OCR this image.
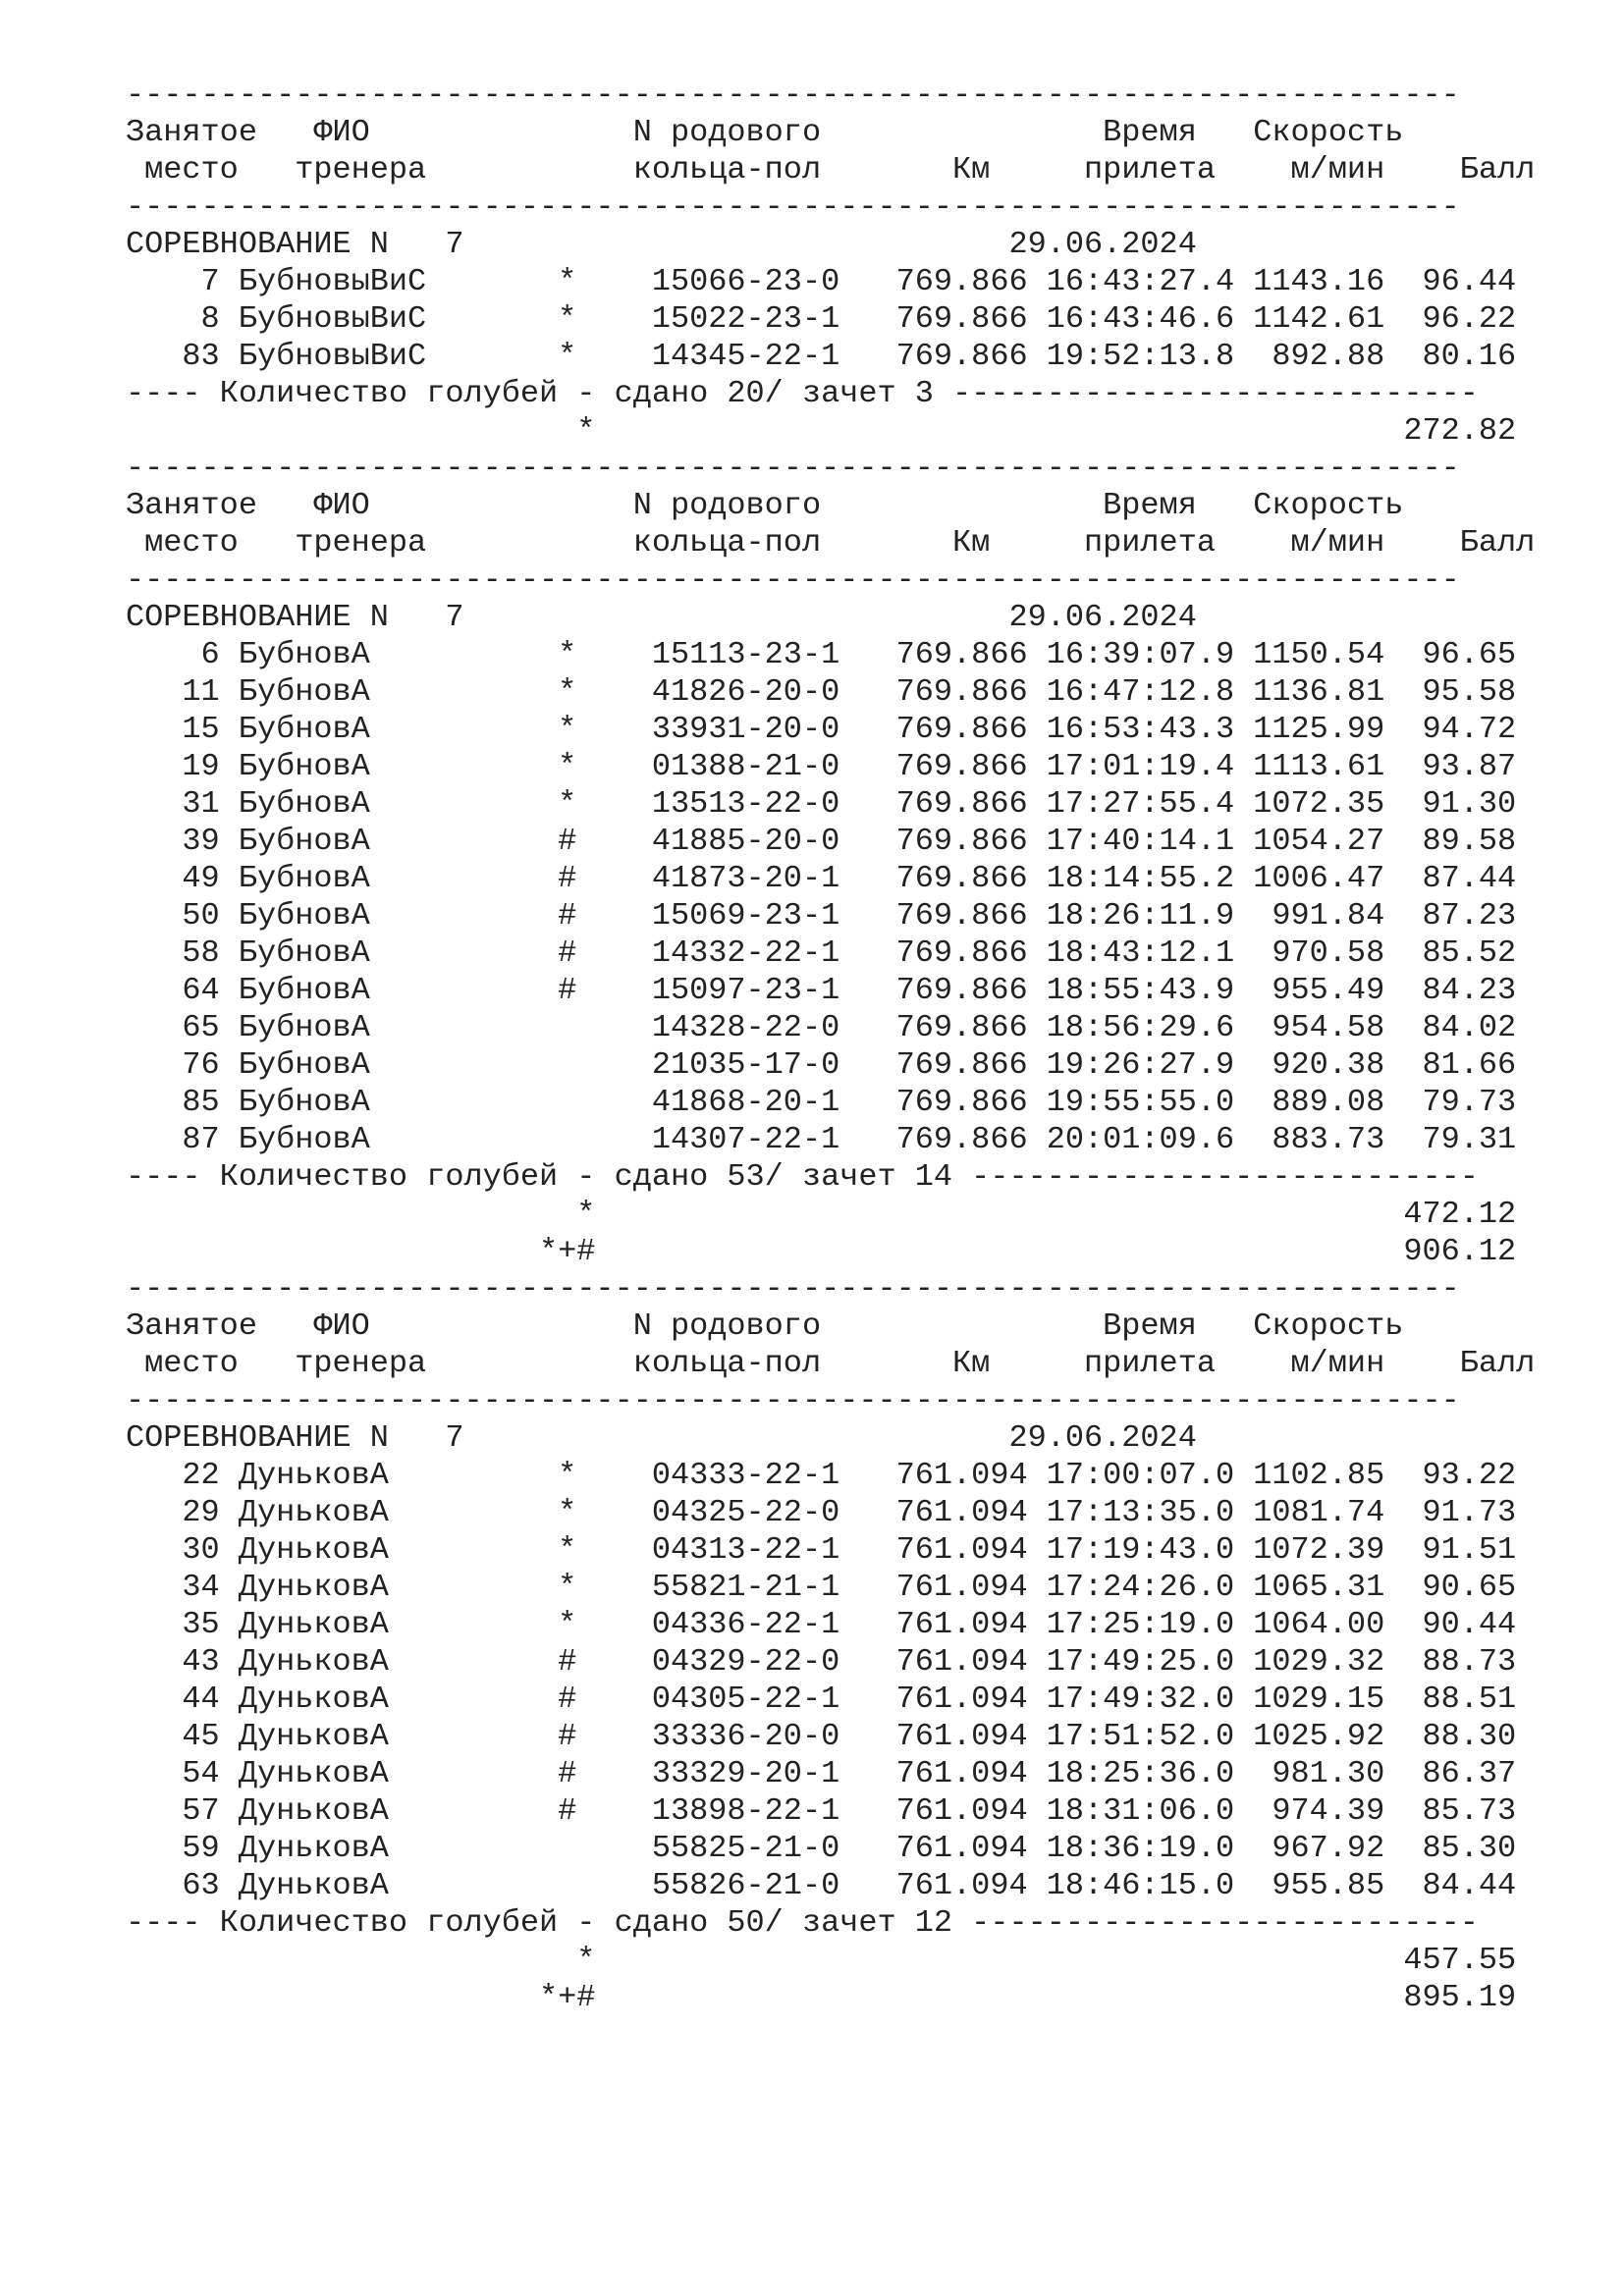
-----------------------------------------------------------------------
Занятое   ФИО              N родового               Время   Скорость
место   тренера           кольца-пол       Км     прилета    м/мин    Балл
-----------------------------------------------------------------------
СОРЕВНОВАНИЕ N   7                             29.06.2024
7 БубновыВиС       *    15066-23-0   769.866 16:43:27.4 1143.16  96.44
8 БубновыВиС       *    15022-23-1   769.866 16:43:46.6 1142.61  96.22
83 БубновыВиС       *    14345-22-1   769.866 19:52:13.8  892.88  80.16
---- Количество голубей - сдано 20/ зачет 3 ----------------------------
*                                           272.82
-----------------------------------------------------------------------
Занятое   ФИО              N родового               Время   Скорость
место   тренера           кольца-пол       Км     прилета    м/мин    Балл
-----------------------------------------------------------------------
СОРЕВНОВАНИЕ N   7                             29.06.2024
6 БубновА          *    15113-23-1   769.866 16:39:07.9 1150.54  96.65
11 БубновА          *    41826-20-0   769.866 16:47:12.8 1136.81  95.58
15 БубновА          *    33931-20-0   769.866 16:53:43.3 1125.99  94.72
19 БубновА          *    01388-21-0   769.866 17:01:19.4 1113.61  93.87
31 БубновА          *    13513-22-0   769.866 17:27:55.4 1072.35  91.30
39 БубновА          #    41885-20-0   769.866 17:40:14.1 1054.27  89.58
49 БубновА          #    41873-20-1   769.866 18:14:55.2 1006.47  87.44
50 БубновА          #    15069-23-1   769.866 18:26:11.9  991.84  87.23
58 БубновА          #    14332-22-1   769.866 18:43:12.1  970.58  85.52
64 БубновА          #    15097-23-1   769.866 18:55:43.9  955.49  84.23
65 БубновА               14328-22-0   769.866 18:56:29.6  954.58  84.02
76 БубновА               21035-17-0   769.866 19:26:27.9  920.38  81.66
85 БубновА               41868-20-1   769.866 19:55:55.0  889.08  79.73
87 БубновА               14307-22-1   769.866 20:01:09.6  883.73  79.31
---- Количество голубей - сдано 53/ зачет 14 ---------------------------
*                                           472.12
*+#                                           906.12
-----------------------------------------------------------------------
Занятое   ФИО              N родового               Время   Скорость
место   тренера           кольца-пол       Км     прилета    м/мин    Балл
-----------------------------------------------------------------------
СОРЕВНОВАНИЕ N   7                             29.06.2024
22 ДуньковА         *    04333-22-1   761.094 17:00:07.0 1102.85  93.22
29 ДуньковА         *    04325-22-0   761.094 17:13:35.0 1081.74  91.73
30 ДуньковА         *    04313-22-1   761.094 17:19:43.0 1072.39  91.51
34 ДуньковА         *    55821-21-1   761.094 17:24:26.0 1065.31  90.65
35 ДуньковА         *    04336-22-1   761.094 17:25:19.0 1064.00  90.44
43 ДуньковА         #    04329-22-0   761.094 17:49:25.0 1029.32  88.73
44 ДуньковА         #    04305-22-1   761.094 17:49:32.0 1029.15  88.51
45 ДуньковА         #    33336-20-0   761.094 17:51:52.0 1025.92  88.30
54 ДуньковА         #    33329-20-1   761.094 18:25:36.0  981.30  86.37
57 ДуньковА         #    13898-22-1   761.094 18:31:06.0  974.39  85.73
59 ДуньковА              55825-21-0   761.094 18:36:19.0  967.92  85.30
63 ДуньковА              55826-21-0   761.094 18:46:15.0  955.85  84.44
---- Количество голубей - сдано 50/ зачет 12 ---------------------------
*                                           457.55
*+#                                           895.19
